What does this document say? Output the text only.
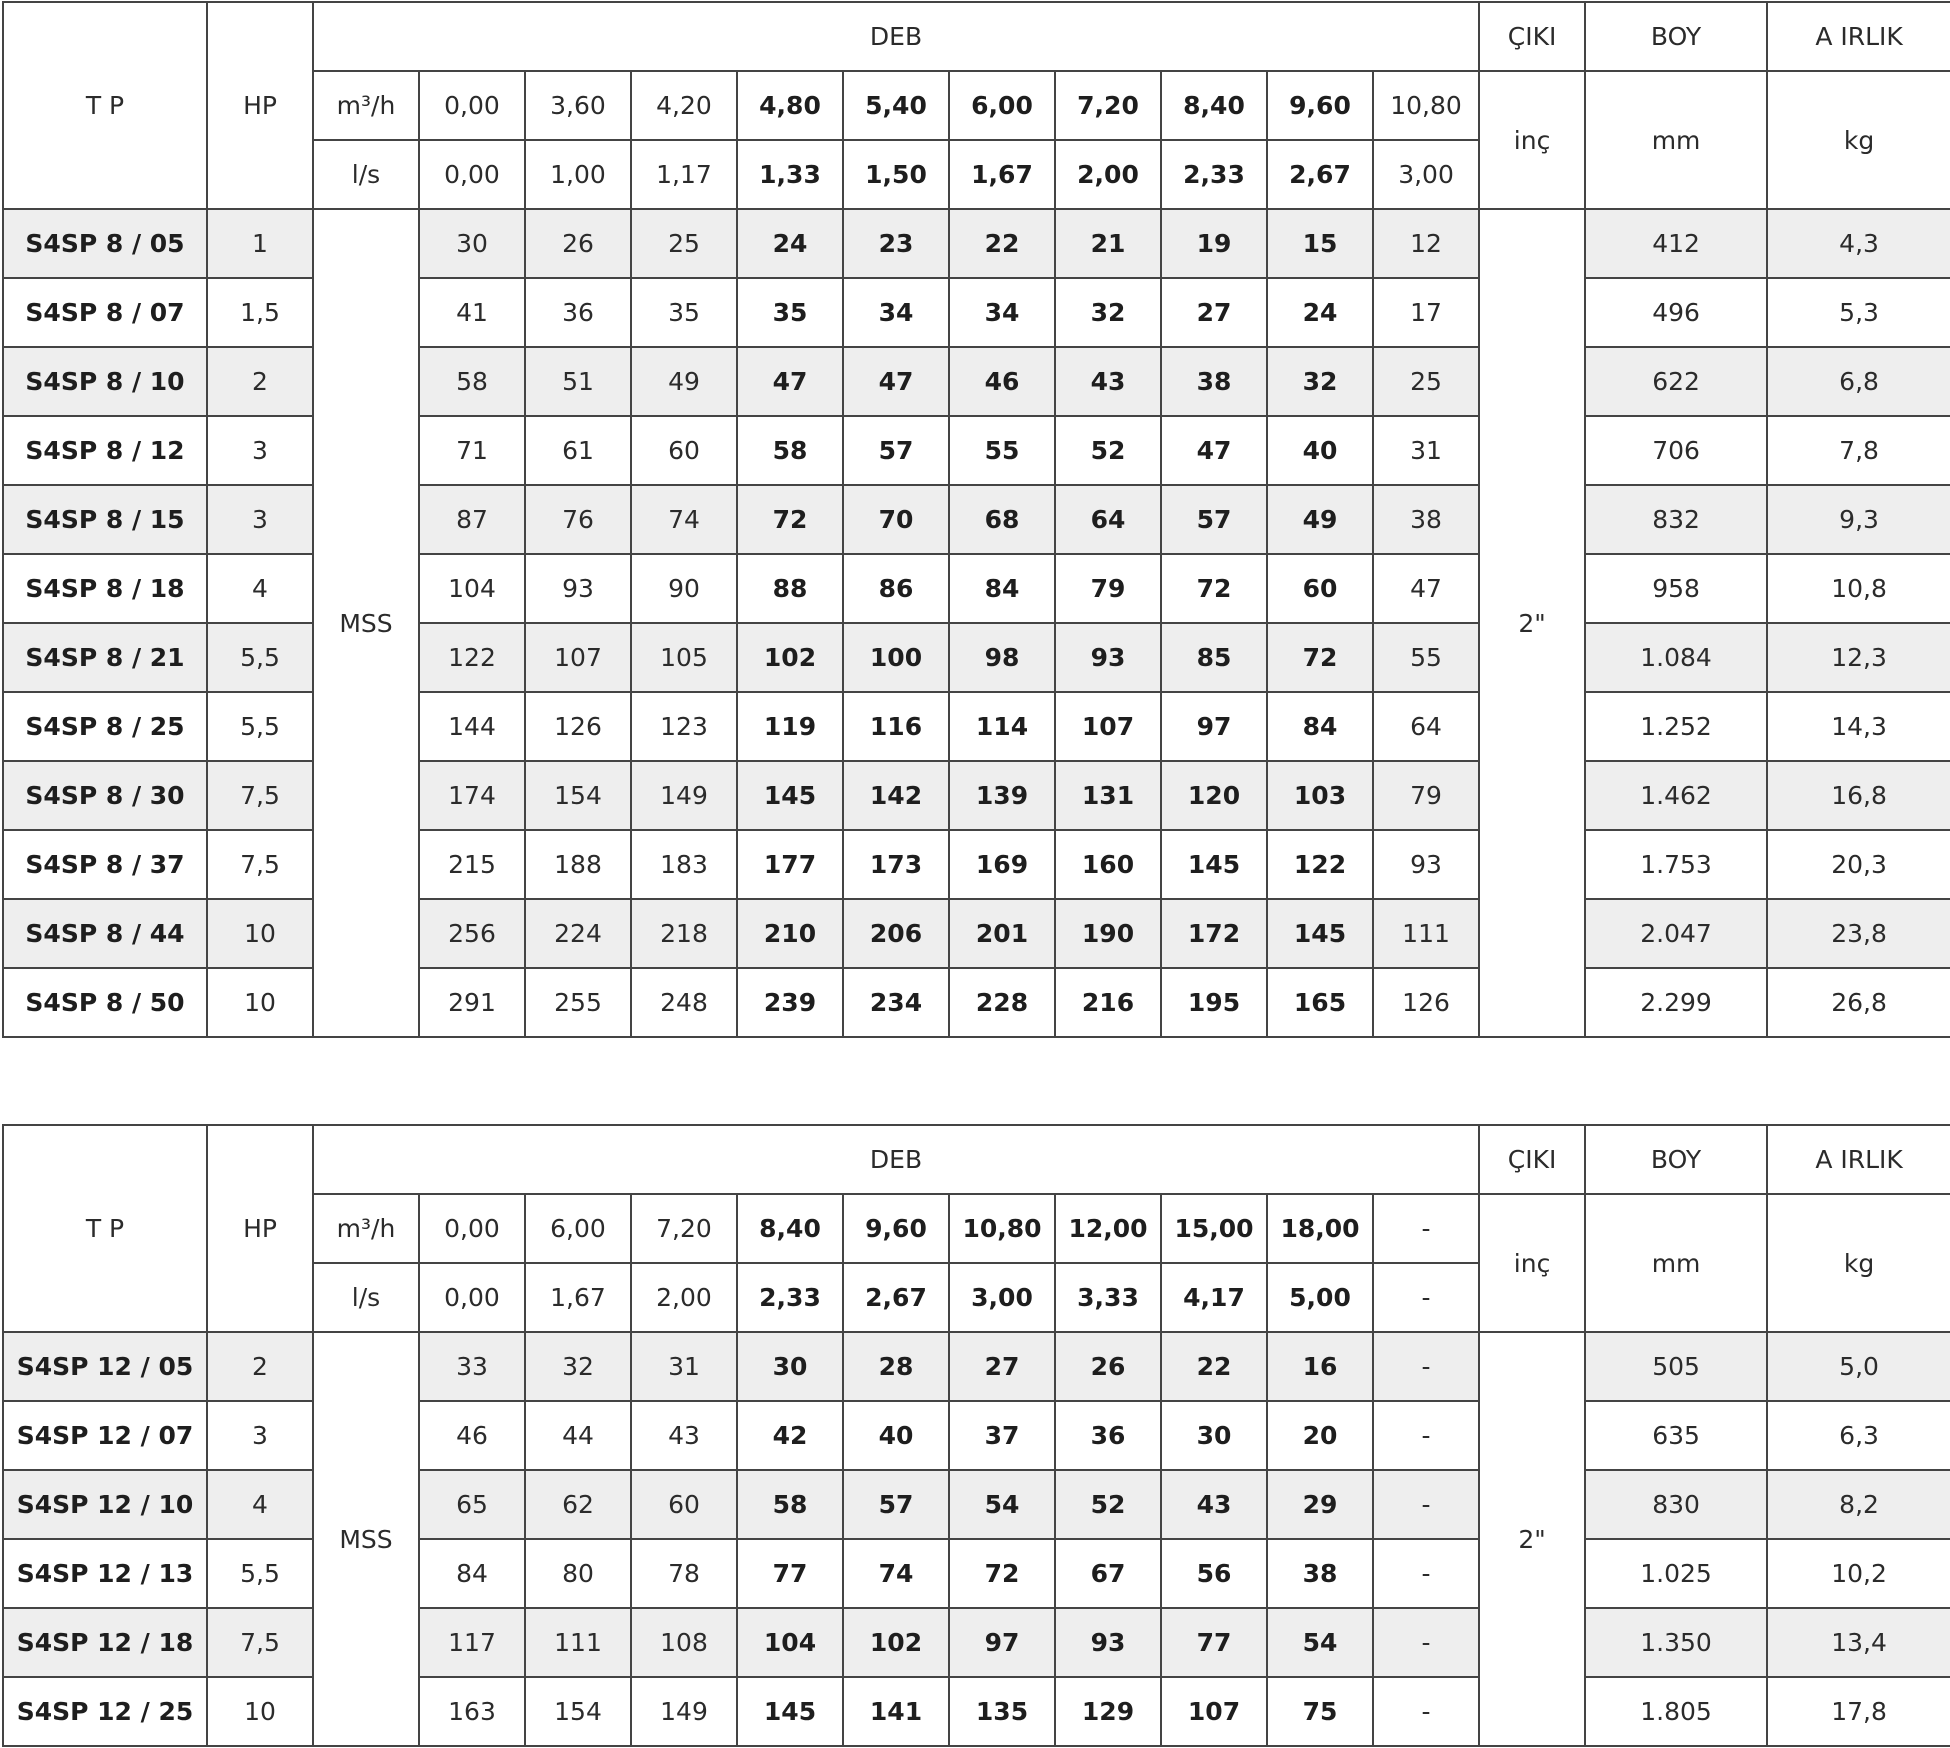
T P	HP	DEB											ÇIKI	BOY	A IRLIK
		m³/h	0,00	3,60	4,20	4,80	5,40	6,00	7,20	8,40	9,60	10,80	inç	mm	kg
		l/s	0,00	1,00	1,17	1,33	1,50	1,67	2,00	2,33	2,67	3,00			
S4SP 8 / 05	1	MSS	30	26	25	24	23	22	21	19	15	12	2"	412	4,3
S4SP 8 / 07	1,5		41	36	35	35	34	34	32	27	24	17		496	5,3
S4SP 8 / 10	2		58	51	49	47	47	46	43	38	32	25		622	6,8
S4SP 8 / 12	3		71	61	60	58	57	55	52	47	40	31		706	7,8
S4SP 8 / 15	3		87	76	74	72	70	68	64	57	49	38		832	9,3
S4SP 8 / 18	4		104	93	90	88	86	84	79	72	60	47		958	10,8
S4SP 8 / 21	5,5		122	107	105	102	100	98	93	85	72	55		1.084	12,3
S4SP 8 / 25	5,5		144	126	123	119	116	114	107	97	84	64		1.252	14,3
S4SP 8 / 30	7,5		174	154	149	145	142	139	131	120	103	79		1.462	16,8
S4SP 8 / 37	7,5		215	188	183	177	173	169	160	145	122	93		1.753	20,3
S4SP 8 / 44	10		256	224	218	210	206	201	190	172	145	111		2.047	23,8
S4SP 8 / 50	10		291	255	248	239	234	228	216	195	165	126		2.299	26,8
T P	HP	DEB											ÇIKI	BOY	A IRLIK
		m³/h	0,00	6,00	7,20	8,40	9,60	10,80	12,00	15,00	18,00	-	inç	mm	kg
		l/s	0,00	1,67	2,00	2,33	2,67	3,00	3,33	4,17	5,00	-			
S4SP 12 / 05	2	MSS	33	32	31	30	28	27	26	22	16	-	2"	505	5,0
S4SP 12 / 07	3		46	44	43	42	40	37	36	30	20	-		635	6,3
S4SP 12 / 10	4		65	62	60	58	57	54	52	43	29	-		830	8,2
S4SP 12 / 13	5,5		84	80	78	77	74	72	67	56	38	-		1.025	10,2
S4SP 12 / 18	7,5		117	111	108	104	102	97	93	77	54	-		1.350	13,4
S4SP 12 / 25	10		163	154	149	145	141	135	129	107	75	-		1.805	17,8
